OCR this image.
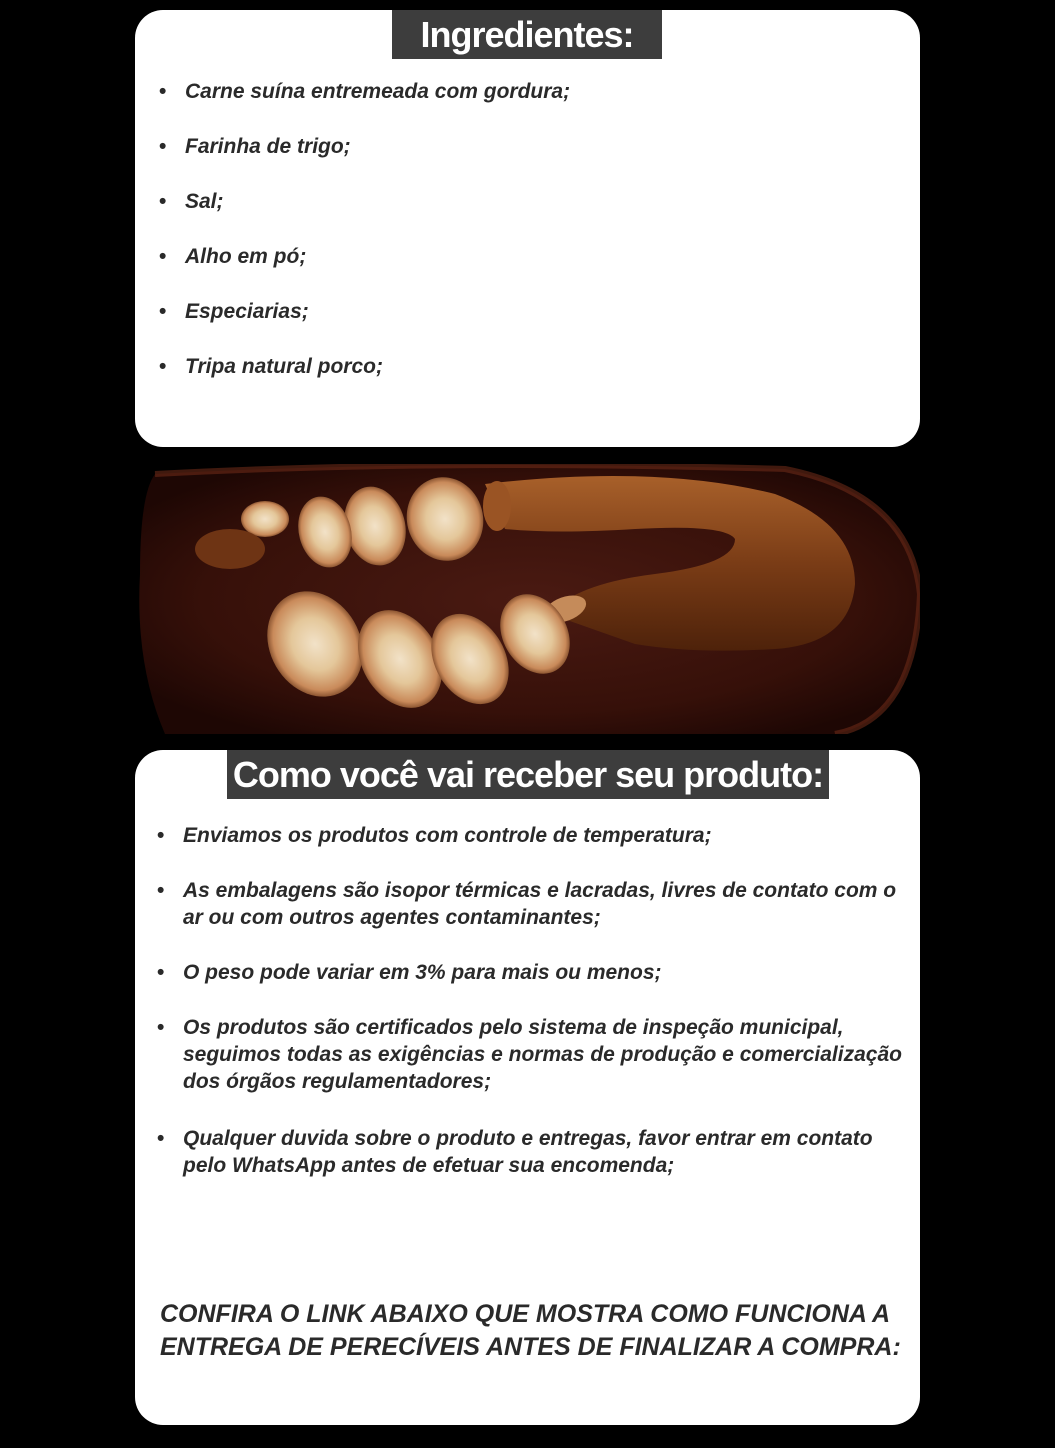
Ingredientes:
• Carne suína entremeada com gordura;
• Farinha de trigo;
• Sal;
• Alho em pó;
• Especiarias;
• Tripa natural porco;
Como você vai receber seu produto:
• Enviamos os produtos com controle de temperatura;
• As embalagens são isopor térmicas e lacradas, livres de contato com o ar ou com outros agentes contaminantes;
• O peso pode variar em 3% para mais ou menos;
• Os produtos são certificados pelo sistema de inspeção municipal, seguimos todas as exigências e normas de produção e comercialização dos órgãos regulamentadores;
• Qualquer duvida sobre o produto e entregas, favor entrar em contato pelo WhatsApp antes de efetuar sua encomenda;
CONFIRA O LINK ABAIXO QUE MOSTRA COMO FUNCIONA A ENTREGA DE PERECÍVEIS ANTES DE FINALIZAR A COMPRA:
